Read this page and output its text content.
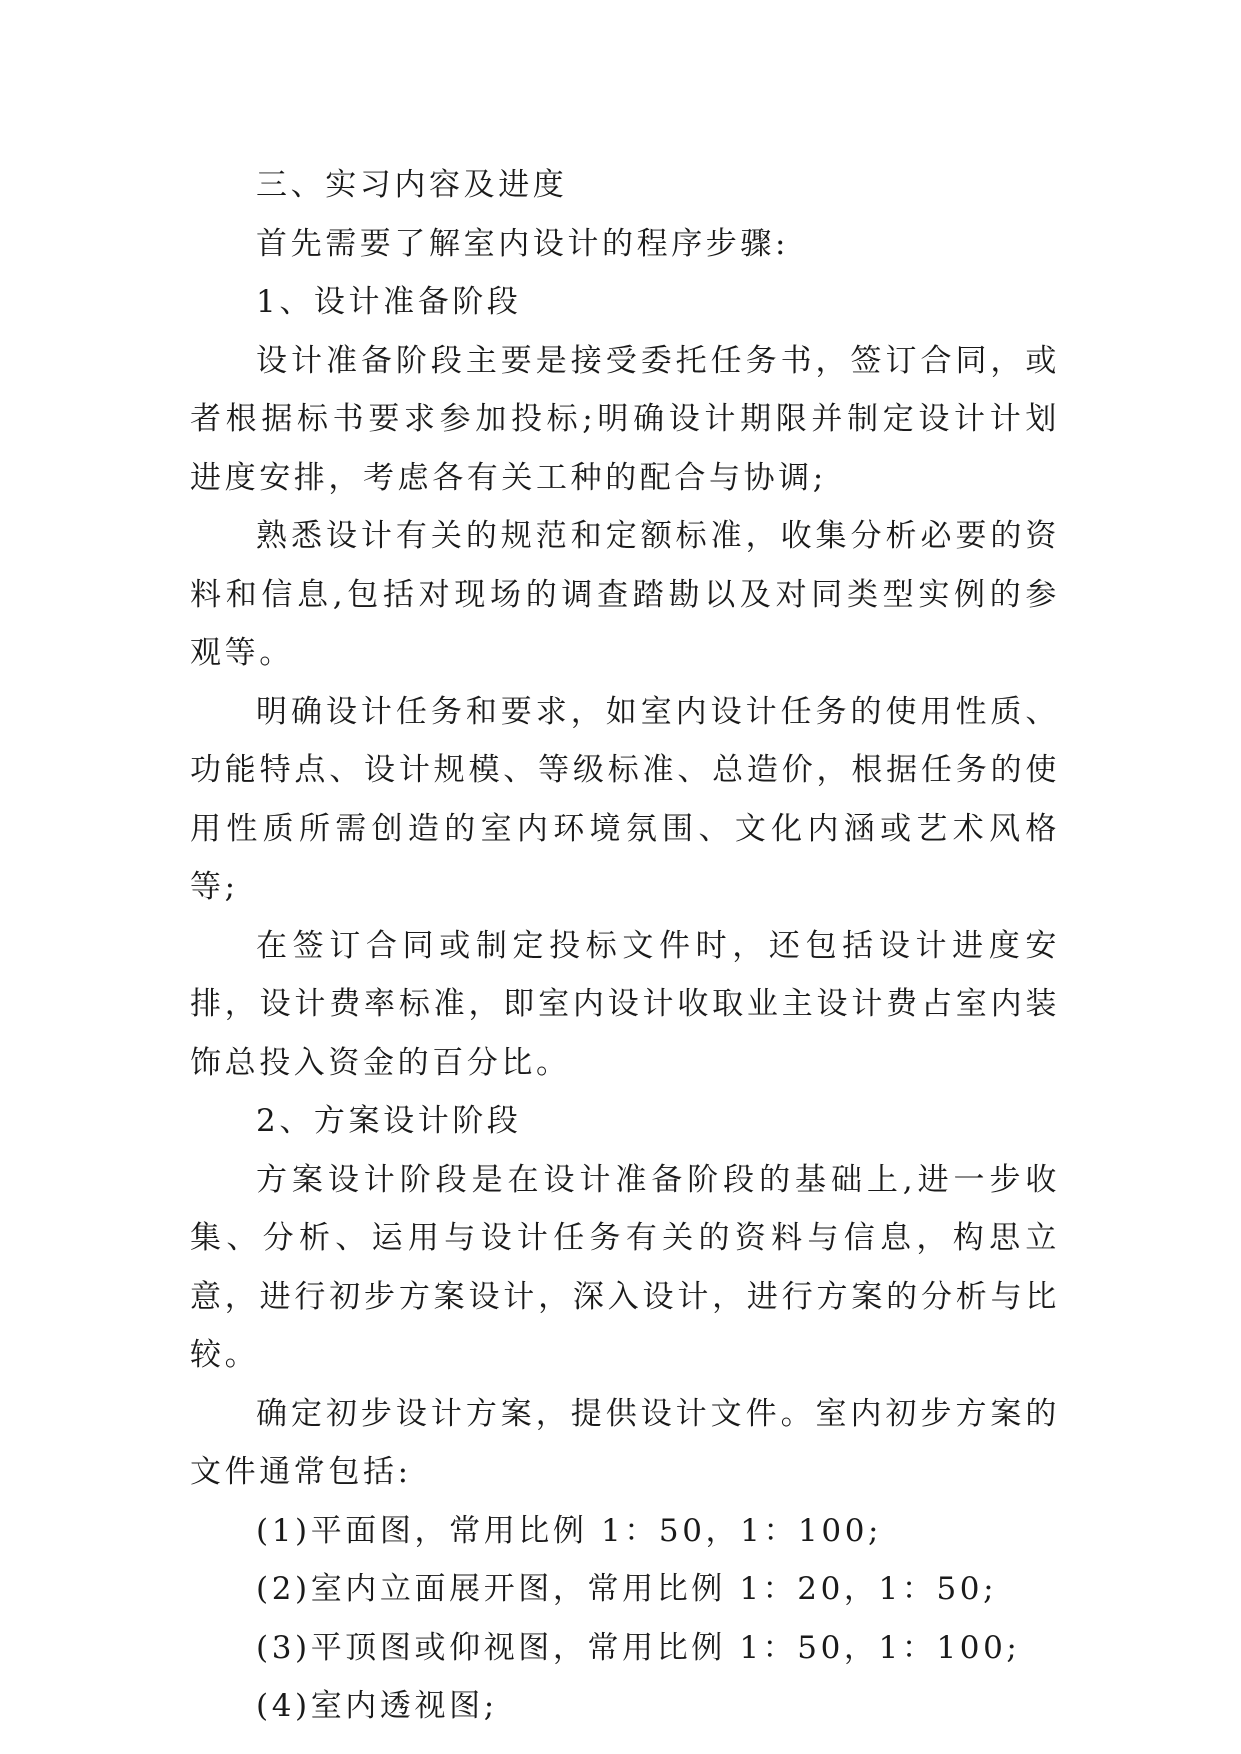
三、实习内容及进度

首先需要了解室内设计的程序步骤:

1、设计准备阶段

设计准备阶段主要是接受委托任务书，签订合同，或者根据标书要求参加投标;明确设计期限并制定设计计划进度安排，考虑各有关工种的配合与协调;

熟悉设计有关的规范和定额标准，收集分析必要的资料和信息,包括对现场的调查踏勘以及对同类型实例的参观等。

明确设计任务和要求，如室内设计任务的使用性质、功能特点、设计规模、等级标准、总造价，根据任务的使用性质所需创造的室内环境氛围、文化内涵或艺术风格等;

在签订合同或制定投标文件时，还包括设计进度安排，设计费率标准，即室内设计收取业主设计费占室内装饰总投入资金的百分比。

2、方案设计阶段

方案设计阶段是在设计准备阶段的基础上,进一步收集、分析、运用与设计任务有关的资料与信息，构思立意，进行初步方案设计，深入设计，进行方案的分析与比较。

确定初步设计方案，提供设计文件。室内初步方案的文件通常包括:

(1)平面图，常用比例 1：50，1：100;

(2)室内立面展开图，常用比例 1：20，1：50;

(3)平顶图或仰视图，常用比例 1：50，1：100;

(4)室内透视图;
